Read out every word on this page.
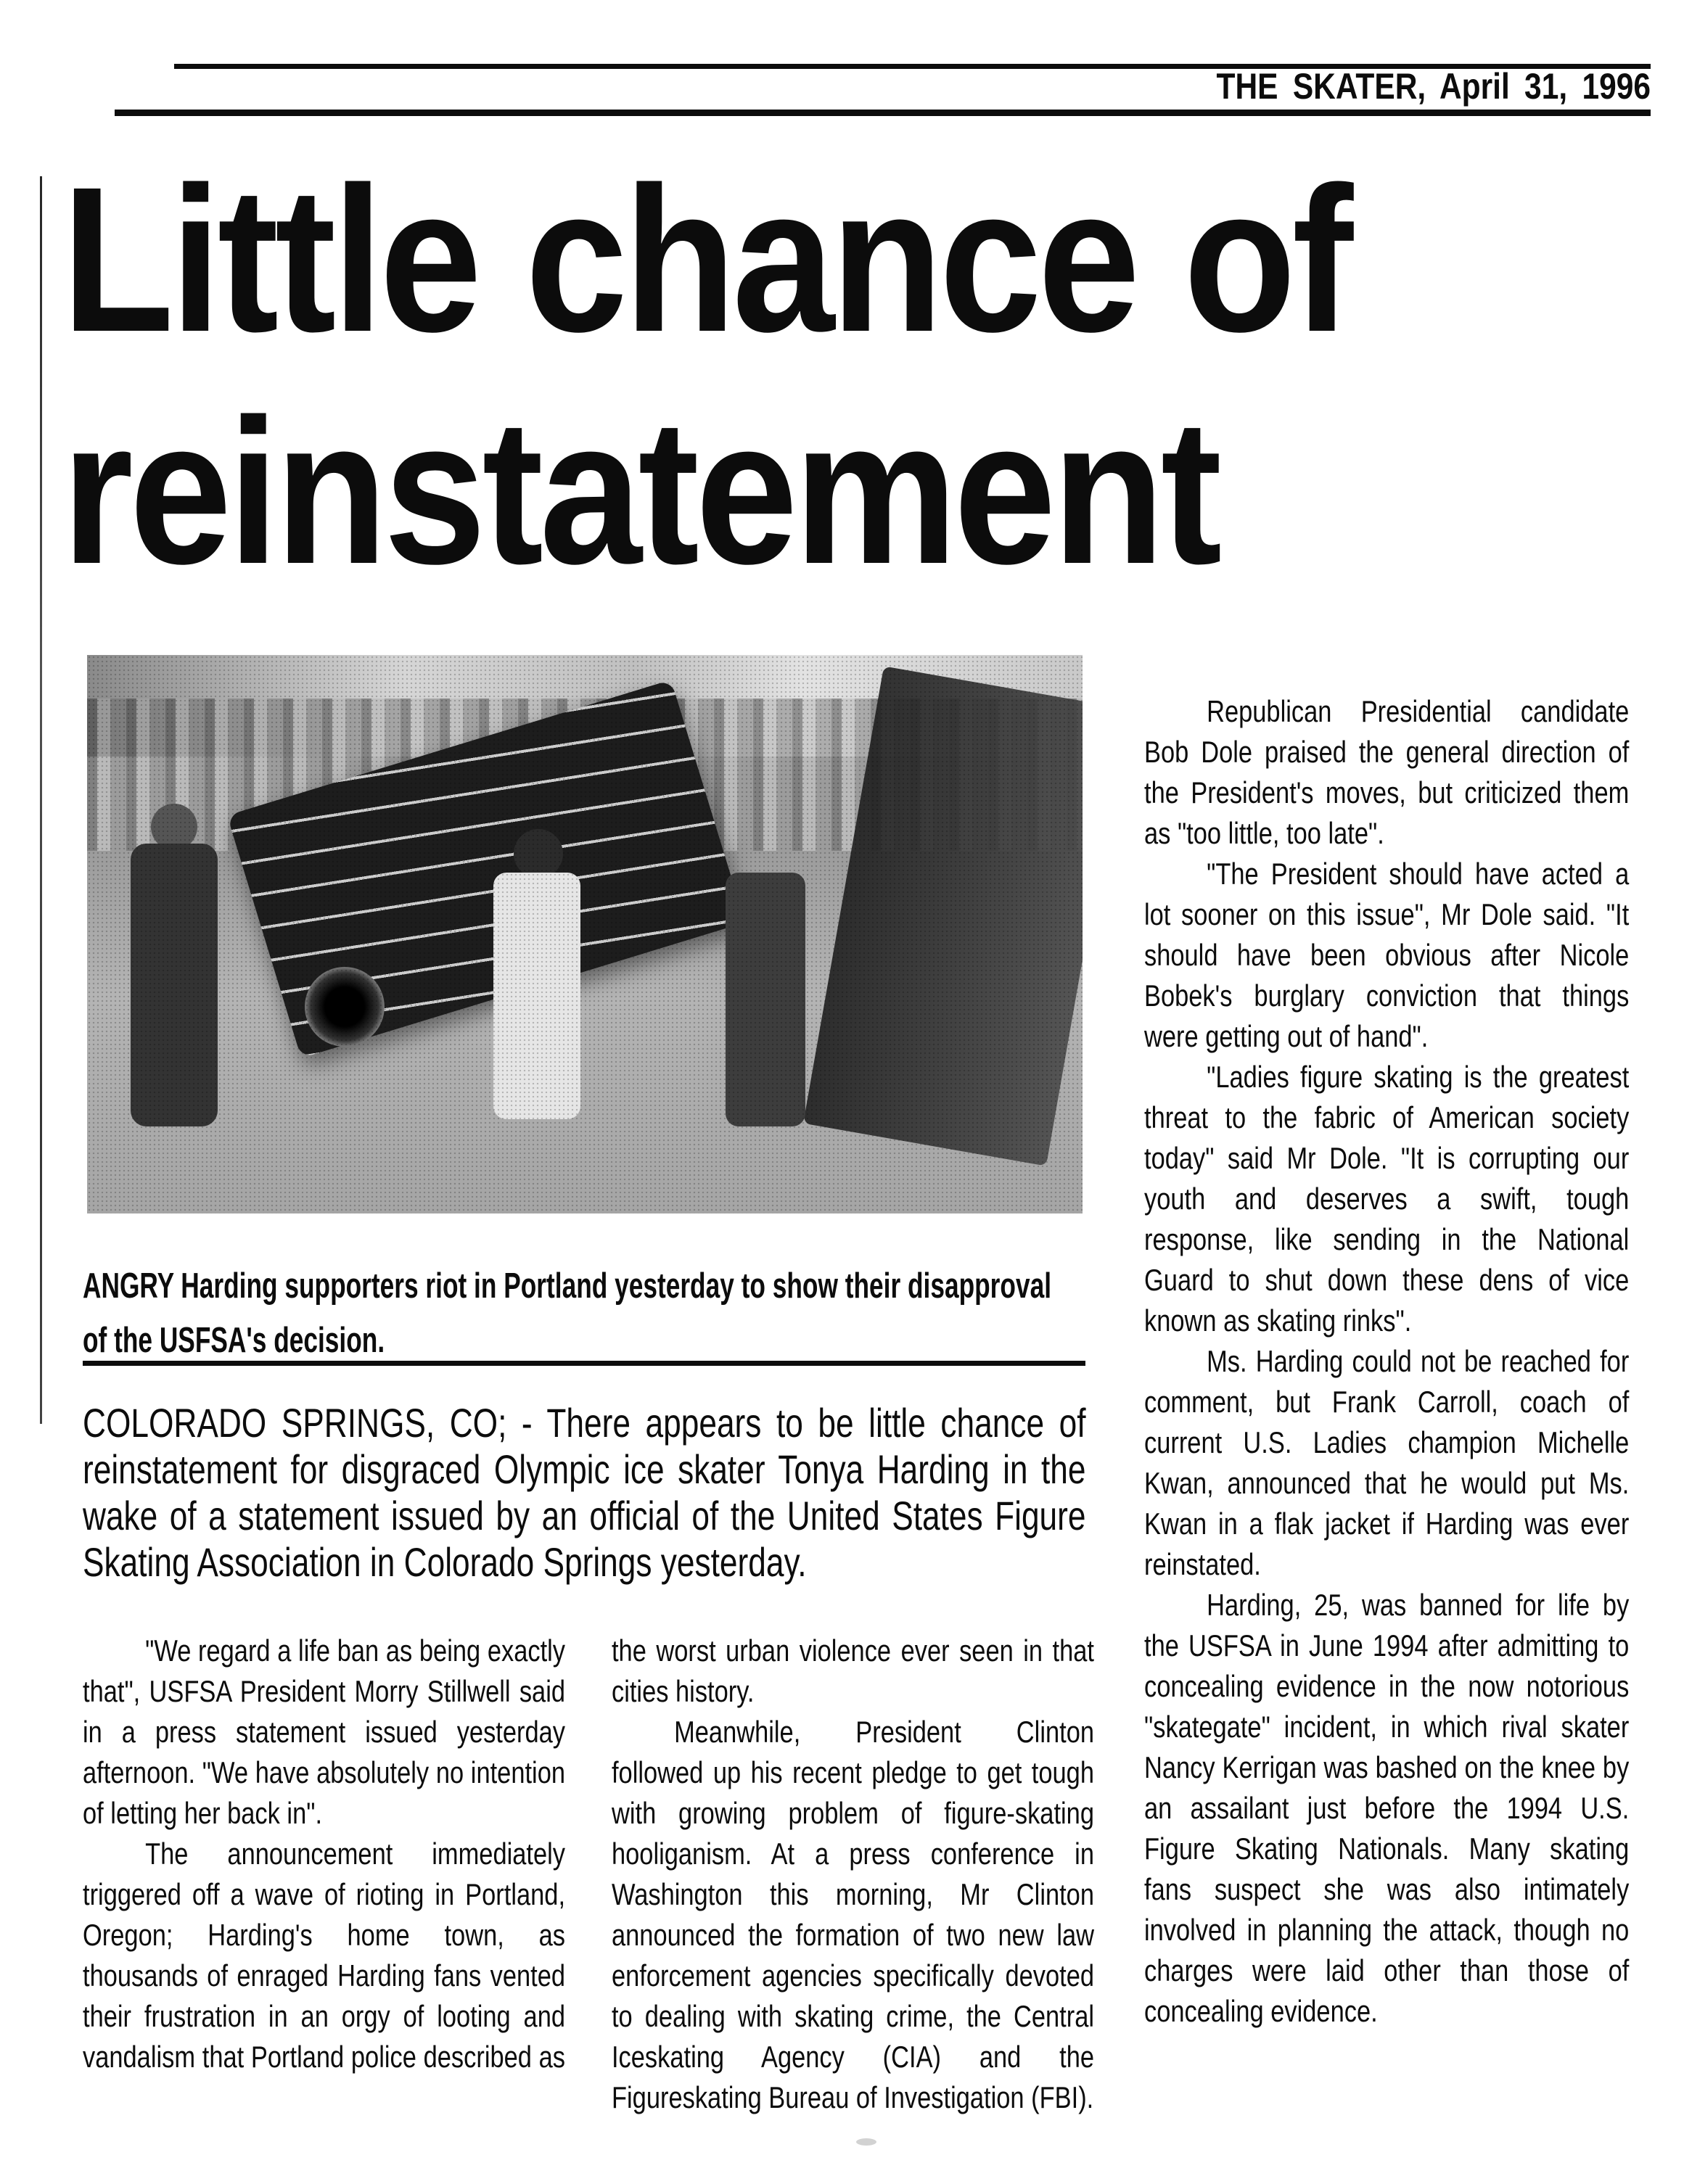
THE SKATER, April 31, 1996
Little chance of
reinstatement
ANGRY Harding supporters riot in Portland yesterday to show their disapproval
of the USFSA's decision.
COLORADO SPRINGS, CO; - There appears to be little chance of reinstatement for disgraced Olympic ice skater Tonya Harding in the wake of a statement issued by an official of the United States Figure Skating Association in Colorado Springs yesterday.

"We regard a life ban as being exactly that", USFSA President Morry Stillwell said in a press statement issued yesterday afternoon. "We have absolutely no intention of letting her back in".

The announcement immediately triggered off a wave of rioting in Portland, Oregon; Harding's home town, as thousands of enraged Harding fans vented their frustration in an orgy of looting and vandalism that Portland police described as the worst urban violence ever seen in that cities history.

Meanwhile, President Clinton followed up his recent pledge to get tough with growing problem of figure-skating hooliganism. At a press conference in Washington this morning, Mr Clinton announced the formation of two new law enforcement agencies specifically devoted to dealing with skating crime, the Central Iceskating Agency (CIA) and the Figureskating Bureau of Investigation (FBI).

Republican Presidential candidate Bob Dole praised the general direction of the President's moves, but criticized them as "too little, too late".

"The President should have acted a lot sooner on this issue", Mr Dole said. "It should have been obvious after Nicole Bobek's burglary conviction that things were getting out of hand".

"Ladies figure skating is the greatest threat to the fabric of American society today" said Mr Dole. "It is corrupting our youth and deserves a swift, tough response, like sending in the National Guard to shut down these dens of vice known as skating rinks".

Ms. Harding could not be reached for comment, but Frank Carroll, coach of current U.S. Ladies champion Michelle Kwan, announced that he would put Ms. Kwan in a flak jacket if Harding was ever reinstated.

Harding, 25, was banned for life by the USFSA in June 1994 after admitting to concealing evidence in the now notorious "skategate" incident, in which rival skater Nancy Kerrigan was bashed on the knee by an assailant just before the 1994 U.S. Figure Skating Nationals. Many skating fans suspect she was also intimately involved in planning the attack, though no charges were laid other than those of concealing evidence.
